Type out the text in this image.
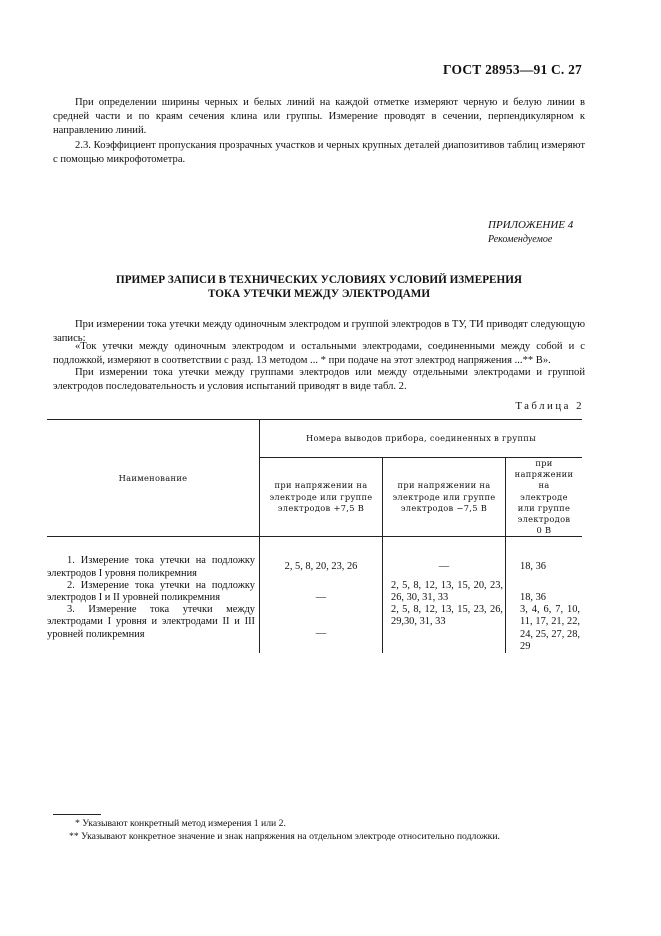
ГОСТ 28953—91 С. 27

При определении ширины черных и белых линий на каждой отметке измеряют черную и белую линии в средней части и по краям сечения клина или группы. Измерение проводят в сечении, перпендикулярном к направлению линий.

2.3. Коэффициент пропускания прозрачных участков и черных крупных деталей диапозитивов таблиц измеряют с помощью микрофотометра.

ПРИЛОЖЕНИЕ 4
Рекомендуемое
ПРИМЕР ЗАПИСИ В ТЕХНИЧЕСКИХ УСЛОВИЯХ УСЛОВИЙ ИЗМЕРЕНИЯ
ТОКА УТЕЧКИ МЕЖДУ ЭЛЕКТРОДАМИ

При измерении тока утечки между одиночным электродом и группой электродов в ТУ, ТИ приводят следующую запись:

«Ток утечки между одиночным электродом и остальными электродами, соединенными между собой и с подложкой, измеряют в соответствии с разд. 13 методом ... * при подаче на этот электрод напряжения ...** В».

При измерении тока утечки между группами электродов или между отдельными электродами и группой электродов последовательность и условия испытаний приводят в виде табл. 2.

Таблица 2
Наименование	Номера выводов прибора, соединенных в группы		
	при напряжении на электроде или группе электродов +7,5 В	при напряжении на электроде или группе электродов −7,5 В	при напряжении на электроде или группе электродов 0 В
1. Измерение тока утечки на подложку электродов I уровня поликремния	2, 5, 8, 20, 23, 26	—	18, 36
2. Измерение тока утечки на подложку электродов I и II уровней поликремния	—	2, 5, 8, 12, 13, 15, 20, 23, 26, 30, 31, 33	18, 36
3. Измерение тока утечки между электродами I уровня и электродами II и III уровней поликремния	—	2, 5, 8, 12, 13, 15, 23, 26, 29,30, 31, 33	3, 4, 6, 7, 10, 11, 17, 21, 22, 24, 25, 27, 28, 29
* Указывают конкретный метод измерения 1 или 2.
** Указывают конкретное значение и знак напряжения на отдельном электроде относительно подложки.
